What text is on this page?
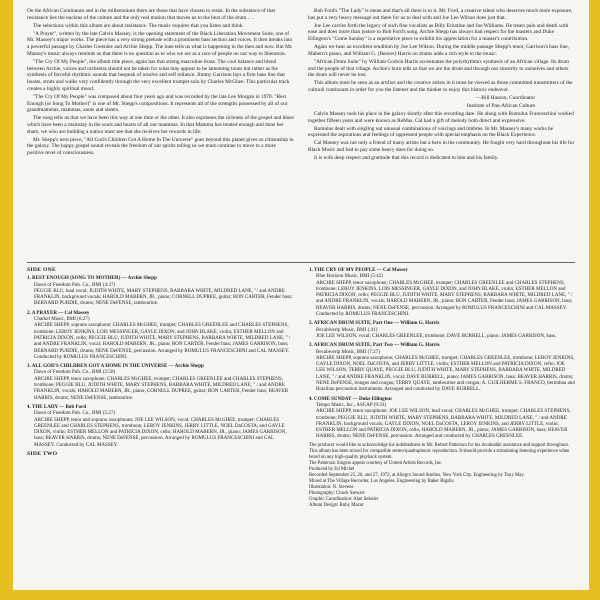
On the African Continuum and in the millennnium there are those that have chosen to resist. In the substance of that resistance lies the nucleus of the culture and the only real motion that moves us to the beat of the drum . . .

The selections within this album are about resistance. The music requires that you listen and think.

"A Prayer", written by the late Calvin Massey, is the opening statement of the Black Liberation Movement Suite, one of Mr. Massey's major works. The piece has a very strong prelude with a prominent bass section and voices. It then breaks into a powerful passage by Charles Greenlee and Archie Shepp. The tune tells us what is happening in the then and now. But Mr. Massey's music always reminds us that there is no question as to who we are as a race of people on our way to liberation.

"The Cry Of My People", the album title piece, again has that strong masculine brass. The cool balance and blend between Archie, voices and orchestra should not be taken for what may appear to be lamenting tones but rather as the synthesis of forceful rhythmic sounds that bespeak of resolve and self reliance. Jimmy Garrison lays a firm bass line that boasts, struts and walks very confidently through the very excellent trumpet solo by Charles McGhee. This particular track creates a highly spiritual mood.

"The Cry Of My People" was composed about four years ago and was recorded by the late Lee Morgan in 1970. "Rest Enough (or Song To Mother)" is one of Mr. Shepp's compositions. It represents all of the strengths possessed by all of our grandmammas, mammas, aunts and sisters.

The song tells us that we have been this way at one time or the other. It also expresses the richness of the gospel and blues which have been a mainstay in the souls and hearts of all our mammas. In that Mamma has treated enough and done her share, we who are building a nation must see that she receives her rewards in life.

Mr. Shepp's next piece, "All God's Children Got A Home In The Universe" goes beyond this planet gives us citizenship in the galaxy. The happy gospel sound reveals the freedom of our spirits telling us we must continue to move to a more positive level of consciousness.

Bob Ford's "The Lady" is mean and that's all there is to it. Mr. Ford, a creative talent who deserves much more exposure, has put a very heavy message out there for us to deal with and Joe Lee Wilson does just that.

Joe Lee carries forth the legacy of such fine vocalists as Billy Eckstine and Joe Williams. He treats pain and death with ease and does more than justice to Bob Ford's song. Archie Shepp has always had respect for the masters and Duke Ellington's "Come Sunday" is a superlative piece to exhibit his appreciation for a master's contribution.

Again we hear an excellent rendition by Joe Lee Wilson. During the middle passage Shepp's tenor, Garrison's bass line, Mabern's piano, and William G. (Beaver) Harris on drums adds a rich style to the music.

"African Drum Suite" by William Godvin Harris accentuates the polyrhythmic synthesis of an African village. Its drum and the people of that village. Archie's horn tells us that we are the drum and through our sincerity to ourselves and others the drum will never be lost.

This album must be seen as an artifact and the creative artists in it must be viewed as those committed transmitters of the cultural continuum in order for you the listener and the thinker to enjoy this historic endeavor.

—Bill Hasson, Coordinator

Institute of Pan-African Culture

Calvin Massey took his place in the galaxy shortly after this recording date. He along with Romulus Franceschini worked together fifteen years and were known as ReMas. Cal had a gift of melody both direct and expressive.

Romulus dealt with singling out unusual combinations of voicings and timbres. In Mr. Massey's many works he expressed the aspirations and feelings of oppressed people with special emphasis on the Black Experience.

Cal Massey was not only a friend of many artists but a hero in the community. He fought very hard throughout his life for Black Music and had to pay some heavy dues for doing so.

It is with deep respect and gratitude that this record is dedicated to him and his family.

SIDE ONE
1. REST ENOUGH (SONG TO MOTHER) — Archie Shepp
Dawn of Freedom Pub. Co., BMI (4:37)
PEGGIE BLU, lead vocal; JUDITH WHITE, MARY STEPHENS, BARBARA WHITE, MILDRED LANE, "/ and ANDRE FRANKLIN, background vocals; HAROLD MABERN, JR., piano; CORNELL DUPREE, guitar; RON CARTER, Fender bass; BERNARD PURDIE, drums; NENE DeFENSE, tambourine.
2. A PRAYER — Cal Massey
Charkel Music, BMI (6:27)
ARCHIE SHEPP, soprano saxophone; CHARLES McGHEE, trumpet; CHARLES GREENLEE and CHARLES STEPHENS, trombone; LEROY JENKINS, LOIS MESSINGER, GAYLE DIXON, and JOHN BLAKE, violin; ESTHER MELLON and PATRICIA DIXON, cello; PEGGIE BLU, JUDITH WHITE, MARY STEPHENS, BARBARA WHITE, MILDRED LANE, " / and ANDRE FRANKLIN, vocal; HAROLD MABERN, JR., piano; RON CARTER, Fender bass; JAMES GARRISON, bass; BERNARD PURDIE, drums; NENE DeFENSE, percussion. Arranged by ROMULUS FRANCESCHINI and CAL MASSEY. Conducted by ROMULUS FRANCESCHINI.
3. ALL GOD'S CHILDREN GOT A HOME IN THE UNIVERSE — Archie Shepp
Dawn of Freedom Pub. Co., BMI (2:58)
ARCHIE SHEPP, tenor saxophone; CHARLES McGHEE, trumpet; CHARLES GREENLEE and CHARLES STEPHENS, trombone; PEGGIE BLU, JUDITH WHITE, MARY STEPHENS, BARBARA WHITE, MILDRED LANE, " / and ANDRE FRANKLIN, vocals; HAROLD MABERN, JR., piano; CORNELL DUPREE, guitar; RON CARTER, Fender bass; BEAVER HARRIS, drums; NENE DeFENSE, tambourine.
4. THE LADY — Bob Ford
Dawn of Freedom Pub. Co., BMI (5:27)
ARCHIE SHEPP, tenor and soprano saxophones; JOE LEE WILSON, vocal; CHARLES McGHEE, trumpet; CHARLES GREENLEE and CHARLES STEPHENS, trombone; LEROY JENKINS, JERRY LITTLE, NOEL DaCOSTA, and GAYLE DIXON, violin; ESTHER MELLON and PATRICIA DIXON, cello; HAROLD MABERN, JR., piano; JAMES GARRISON, bass; BEAVER HARRIS, drums; NENE DeFENSE, percussion. Arranged by ROMULUS FRANCESCHINI and CAL MASSEY. Conducted by CAL MASSEY.
SIDE TWO
1. THE CRY OF MY PEOPLE — Cal Massey
Blue Horizon Music, BMI (5:42)
ARCHIE SHEPP, tenor saxophone; CHARLES McGHEE, trumpet; CHARLES GREENLEE and CHARLES STEPHENS, trombone; LEROY JENKINS, LOIS MESSINGER, GAYLE DIXON, and JOHN BLAKE, violin; ESTHER MELLON and PATRICIA DIXON, cello; PEGGIE BLU, JUDITH WHITE, MARY STEPHENS, BARBARA WHITE, MILDRED LANE, " / and ANDRE FRANKLIN, vocals; HAROLD MABERN, JR., piano; RON CARTER, Fender bass; JAMES GARRISON, bass; BEAVER HARRIS, drums; NENE DeFENSE, percussion. Arranged by ROMULUS FRANCESCHINI and CAL MASSEY. Conducted by ROMULUS FRANCESCHINI.
2. AFRICAN DRUM SUITE, Part One — William G. Harris
Becabivertp Music, BMI (:41)
JOE LEE WILSON, vocal; CHARLES GREENLEE, trombone; DAVE BURRELL, piano; JAMES GARRISON, bass.
3. AFRICAN DRUM SUITE, Part Two — William G. Harris
Becabivertp Music, BMI (7:27)
ARCHIE SHEPP, soprano saxophone; CHARLES McGHEE, trumpet; CHARLES GREENLEE, trombone; LEROY JENKINS, GAYLE DIXON, NOEL DaCOSTA, and JERRY LITTLE, violin; ESTHER MELLON and PATRICIA DIXON, cello; JOE LEE WILSON, TERRY QUAYE, PEGGIE BLU, JUDITH WHITE, MARY STEPHENS, BARBARA WHITE, MILDRED LANE, " / and ANDRE FRANKLIN, vocal; DAVE BURRELL, piano; JAMES GARRISON, bass; BEAVER HARRIS, drums; NENE DeFENSE, bongos and congas; TERRY QUAYE, tambourine and congas; A. GUILHERME S. FRANCO, berimbau and Brazilian percussion instruments. Arranged and conducted by DAVE BURRELL.
4. COME SUNDAY — Duke Ellington
Tempo Music, Inc., ASCAP (9:33)
ARCHIE SHEPP, tenor saxophone; JOE LEE WILSON, lead vocal; CHARLES McGHEE, trumpet; CHARLES STEPHENS, trombone; PEGGIE BLU, JUDITH WHITE, MARY STEPHENS, BARBARA WHITE, MILDRED LANE, " / and ANDRE FRANKLIN, background vocals; GAYLE DIXON, NOEL DaCOSTA, LEROY JENKINS, and JERRY LITTLE, violin; ESTHER MELLON and PATRICIA DIXON, cello; HAROLD MABERN, JR., piano; JAMES GARRISON, bass; BEAVER HARRIS, drums; NENE DeFENSE, percussion. Arranged and conducted by CHARLES GREENLEE.
The producer would like to acknowledge his indebtedness to Mr. Robert Patterson for his invaluable assistance and support throughout.
This album has been mixed for compatible stereo/quadraphonic reproduction. It should provide a stimulating listening experience when heard on any high-quality playback system.
The Patterson Singers appear courtesy of United Artists Records, Inc.
Produced by Ed Michel
Recorded September 25, 26, and 27, 1972, at Allegro Sound Studios, New York City. Engineering by Tony May.
Mixed at The Village Recorder, Los Angeles. Engineering by Baker Bigsby.
Illustration: N. Stevens
Photography: Chuck Stewart
Graphic Coordination: Alan Sekuler
Album Design: Ruby Mazur
